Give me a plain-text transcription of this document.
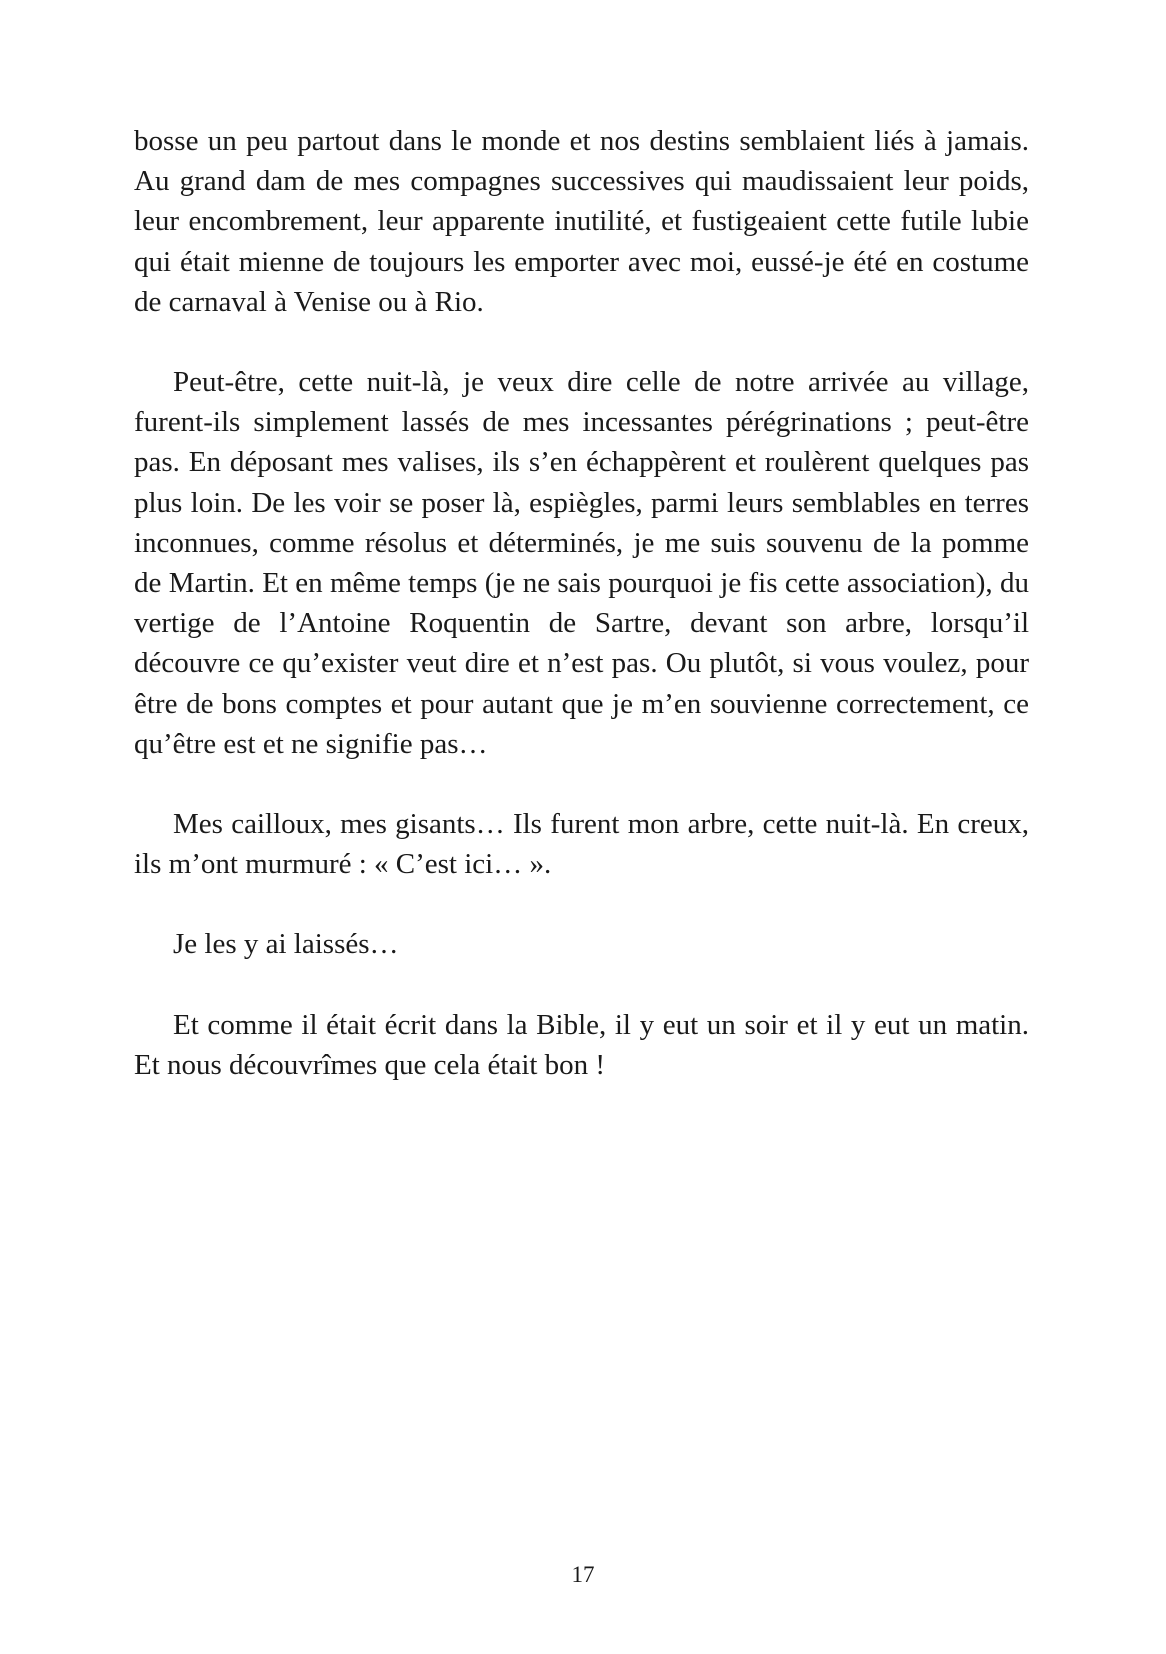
bosse un peu partout dans le monde et nos destins semblaient liés à jamais. Au grand dam de mes compagnes successives qui maudissaient leur poids, leur encombrement, leur apparente inutilité, et fustigeaient cette futile lubie qui était mienne de toujours les emporter avec moi, eussé-je été en costume de carnaval à Venise ou à Rio.

Peut-être, cette nuit-là, je veux dire celle de notre arrivée au village, furent-ils simplement lassés de mes incessantes pérégrinations ; peut-être pas. En déposant mes valises, ils s’en échappèrent et roulèrent quelques pas plus loin. De les voir se poser là, espiègles, parmi leurs semblables en terres inconnues, comme résolus et déterminés, je me suis souvenu de la pomme de Martin. Et en même temps (je ne sais pourquoi je fis cette association), du vertige de l’Antoine Roquentin de Sartre, devant son arbre, lorsqu’il découvre ce qu’exister veut dire et n’est pas. Ou plutôt, si vous voulez, pour être de bons comptes et pour autant que je m’en souvienne correctement, ce qu’être est et ne signifie pas…

Mes cailloux, mes gisants… Ils furent mon arbre, cette nuit-là. En creux, ils m’ont murmuré : « C’est ici… ».

Je les y ai laissés…

Et comme il était écrit dans la Bible, il y eut un soir et il y eut un matin. Et nous découvrîmes que cela était bon !

17
